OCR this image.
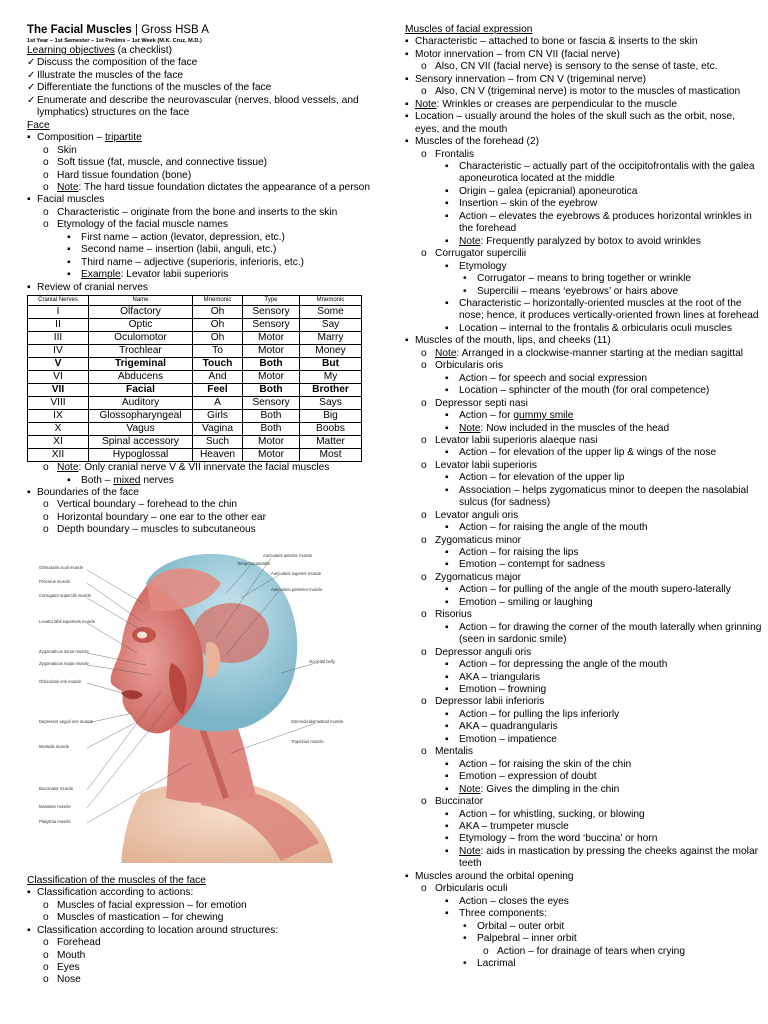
The Facial Muscles | Gross HSB A
1st Year – 1st Semester – 1st Prelims – 1st Week (M.K. Cruz, M.D.)
Learning objectives (a checklist)
✓Discuss the composition of the face
✓Illustrate the muscles of the face
✓Differentiate the functions of the muscles of the face
✓Enumerate and describe the neurovascular (nerves, blood vessels, and
lymphatics) structures on the face
Face
▪ Composition – tripartite
o Skin
o Soft tissue (fat, muscle, and connective tissue)
o Hard tissue foundation (bone)
o Note: The hard tissue foundation dictates the appearance of a person
▪ Facial muscles
o Characteristic – originate from the bone and inserts to the skin
o Etymology of the facial muscle names
▪ First name – action (levator, depression, etc.)
▪ Second name – insertion (labii, anguli, etc.)
▪ Third name – adjective (superioris, inferioris, etc.)
▪ Example: Levator labii superioris
▪ Review of cranial nerves
Cranial Nerves	Name	Mnemonic	Type	Mnemonic
I	Olfactory	Oh	Sensory	Some
II	Optic	Oh	Sensory	Say
III	Oculomotor	Oh	Motor	Marry
IV	Trochlear	To	Motor	Money
V	Trigeminal	Touch	Both	But
VI	Abducens	And	Motor	My
VII	Facial	Feel	Both	Brother
VIII	Auditory	A	Sensory	Says
IX	Glossopharyngeal	Girls	Both	Big
X	Vagus	Vagina	Both	Boobs
XI	Spinal accessory	Such	Motor	Matter
XII	Hypoglossal	Heaven	Motor	Most
o Note: Only cranial nerve V & VII innervate the facial muscles
▪ Both – mixed nerves
▪ Boundaries of the face
o Vertical boundary – forehead to the chin
o Horizontal boundary – one ear to the other ear
o Depth boundary – muscles to subcutaneous
Orbicularis oculi muscle
Procerus muscle
Corrugator supercilii muscle
Levator labii superioris muscle
Zygomaticus minor muscle
Zygomaticus major muscle
Orbicularis oris muscle
Depressor anguli oris muscle
Mentalis muscle
Buccinator muscle
Masseter muscle
Platysma muscle
Temporoparietalis
Auricularis anterior muscle
Auricularis superior muscle
Auricularis posterior muscle
Occipital belly
Sternocleidomastoid muscle
Trapezius muscle
Classification of the muscles of the face
▪ Classification according to actions:
o Muscles of facial expression – for emotion
o Muscles of mastication – for chewing
▪ Classification according to location around structures:
o Forehead
o Mouth
o Eyes
o Nose
Muscles of facial expression
▪ Characteristic – attached to bone or fascia & inserts to the skin
▪ Motor innervation – from CN VII (facial nerve)
o Also, CN VII (facial nerve) is sensory to the sense of taste, etc.
▪ Sensory innervation – from CN V (trigeminal nerve)
o Also, CN V (trigeminal nerve) is motor to the muscles of mastication
▪ Note: Wrinkles or creases are perpendicular to the muscle
▪ Location – usually around the holes of the skull such as the orbit, nose,
eyes, and the mouth
▪ Muscles of the forehead (2)
o Frontalis
▪ Characteristic – actually part of the occipitofrontalis with the galea
aponeurotica located at the middle
▪ Origin – galea (epicranial) aponeurotica
▪ Insertion – skin of the eyebrow
▪ Action – elevates the eyebrows & produces horizontal wrinkles in
the forehead
▪ Note: Frequently paralyzed by botox to avoid wrinkles
o Corrugator supercilii
▪ Etymology
• Corrugator – means to bring together or wrinkle
• Supercilii – means ‘eyebrows’ or hairs above
▪ Characteristic – horizontally-oriented muscles at the root of the
nose; hence, it produces vertically-oriented frown lines at forehead
▪ Location – internal to the frontalis & orbicularis oculi muscles
▪ Muscles of the mouth, lips, and cheeks (11)
o Note: Arranged in a clockwise-manner starting at the median sagittal
o Orbicularis oris
▪ Action – for speech and social expression
▪ Location – sphincter of the mouth (for oral competence)
o Depressor septi nasi
▪ Action – for gummy smile
▪ Note: Now included in the muscles of the head
o Levator labii superioris alaeque nasi
▪ Action – for elevation of the upper lip & wings of the nose
o Levator labii superioris
▪ Action – for elevation of the upper lip
▪ Association – helps zygomaticus minor to deepen the nasolabial
sulcus (for sadness)
o Levator anguli oris
▪ Action – for raising the angle of the mouth
o Zygomaticus minor
▪ Action – for raising the lips
▪ Emotion – contempt for sadness
o Zygomaticus major
▪ Action – for pulling of the angle of the mouth supero-laterally
▪ Emotion – smiling or laughing
o Risorius
▪ Action – for drawing the corner of the mouth laterally when grinning
(seen in sardonic smile)
o Depressor anguli oris
▪ Action – for depressing the angle of the mouth
▪ AKA – triangularis
▪ Emotion – frowning
o Depressor labii inferioris
▪ Action – for pulling the lips inferiorly
▪ AKA – quadrangularis
▪ Emotion – impatience
o Mentalis
▪ Action – for raising the skin of the chin
▪ Emotion – expression of doubt
▪ Note: Gives the dimpling in the chin
o Buccinator
▪ Action – for whistling, sucking, or blowing
▪ AKA – trumpeter muscle
▪ Etymology – from the word ‘buccina’ or horn
▪ Note: aids in mastication by pressing the cheeks against the molar
teeth
▪ Muscles around the orbital opening
o Orbicularis oculi
▪ Action – closes the eyes
▪ Three components:
• Orbital – outer orbit
• Palpebral – inner orbit
o Action – for drainage of tears when crying
• Lacrimal
